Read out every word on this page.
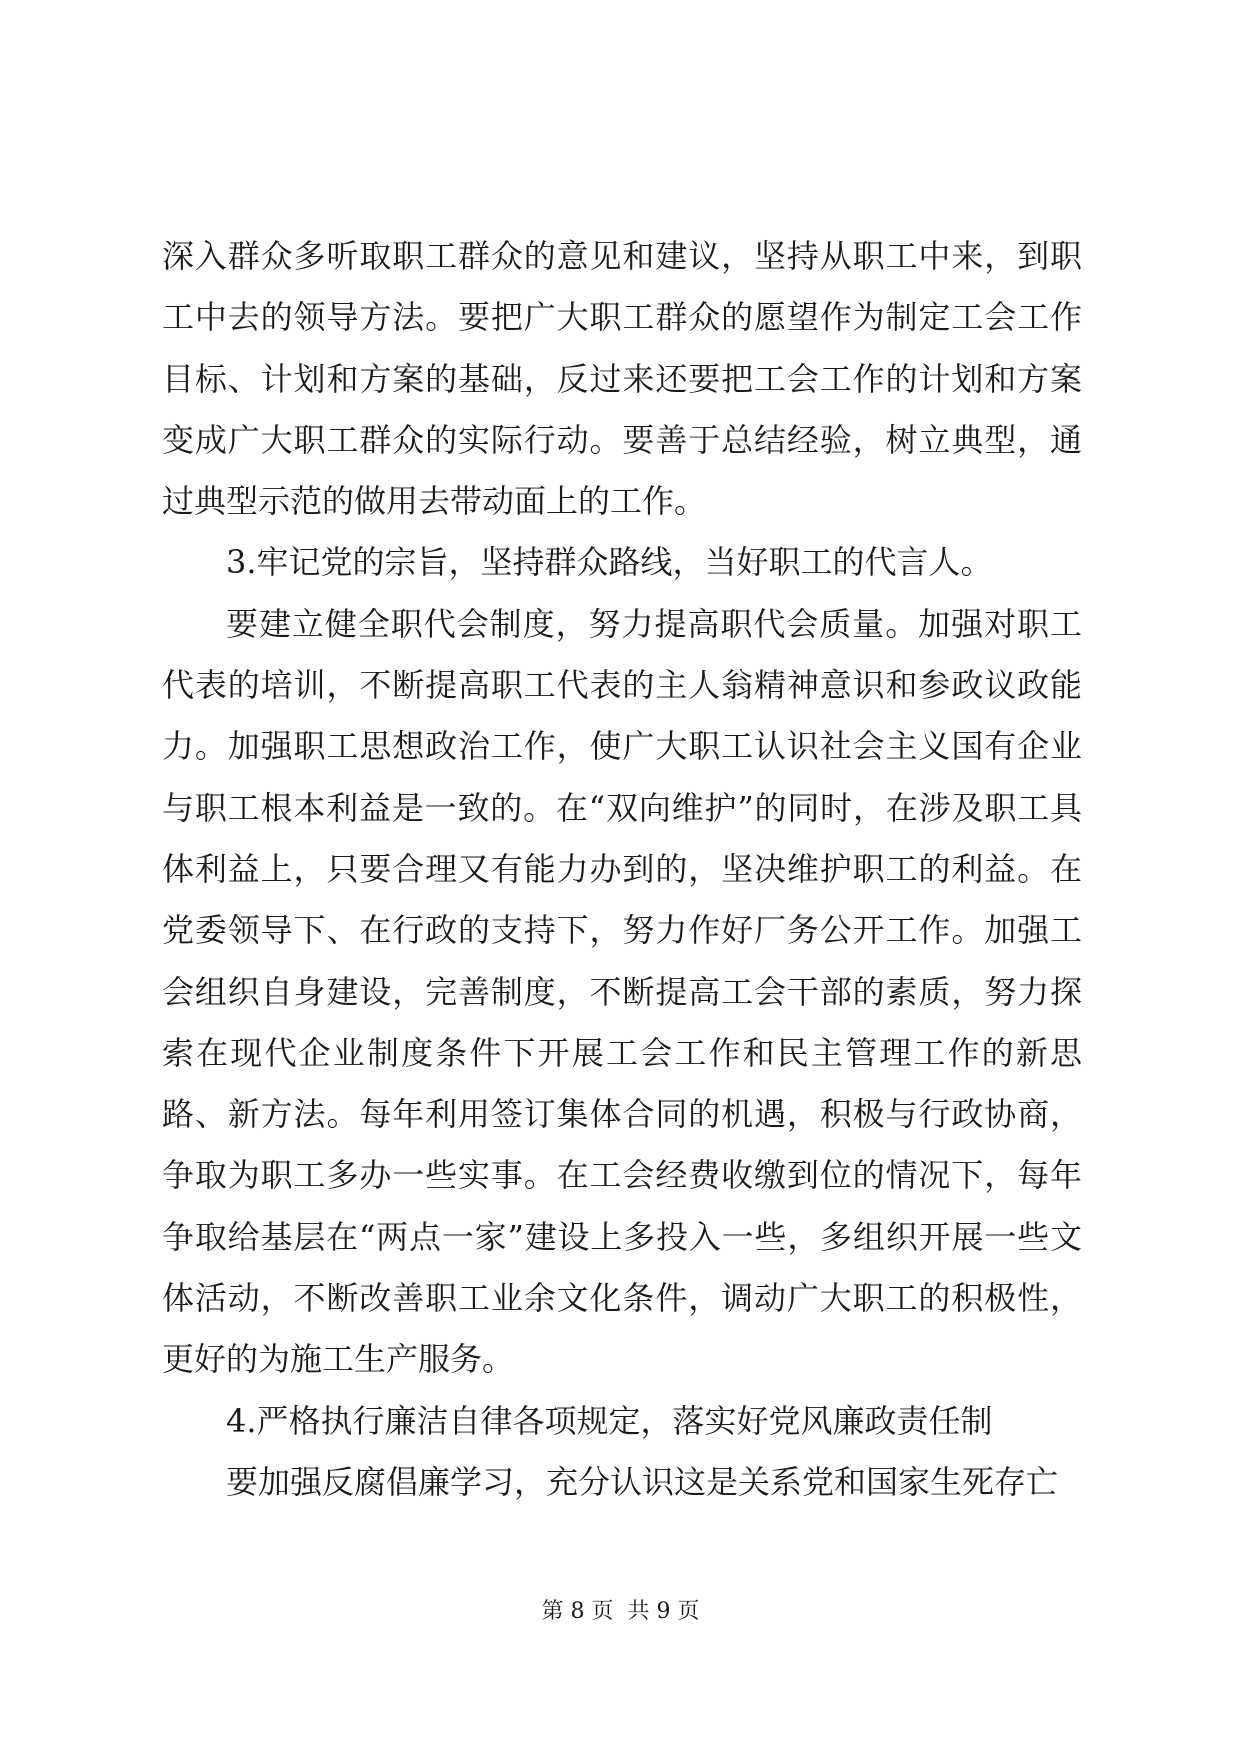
深入群众多听取职工群众的意见和建议，坚持从职工中来，到职工中去的领导方法。要把广大职工群众的愿望作为制定工会工作目标、计划和方案的基础，反过来还要把工会工作的计划和方案变成广大职工群众的实际行动。要善于总结经验，树立典型，通过典型示范的做用去带动面上的工作。

3.牢记党的宗旨，坚持群众路线，当好职工的代言人。

要建立健全职代会制度，努力提高职代会质量。加强对职工代表的培训，不断提高职工代表的主人翁精神意识和参政议政能力。加强职工思想政治工作，使广大职工认识社会主义国有企业与职工根本利益是一致的。在“双向维护”的同时，在涉及职工具体利益上，只要合理又有能力办到的，坚决维护职工的利益。在党委领导下、在行政的支持下，努力作好厂务公开工作。加强工会组织自身建设，完善制度，不断提高工会干部的素质，努力探索在现代企业制度条件下开展工会工作和民主管理工作的新思路、新方法。每年利用签订集体合同的机遇，积极与行政协商，争取为职工多办一些实事。在工会经费收缴到位的情况下，每年争取给基层在“两点一家”建设上多投入一些，多组织开展一些文体活动，不断改善职工业余文化条件，调动广大职工的积极性，更好的为施工生产服务。

4.严格执行廉洁自律各项规定，落实好党风廉政责任制

要加强反腐倡廉学习，充分认识这是关系党和国家生死存亡

第 8 页  共 9 页
